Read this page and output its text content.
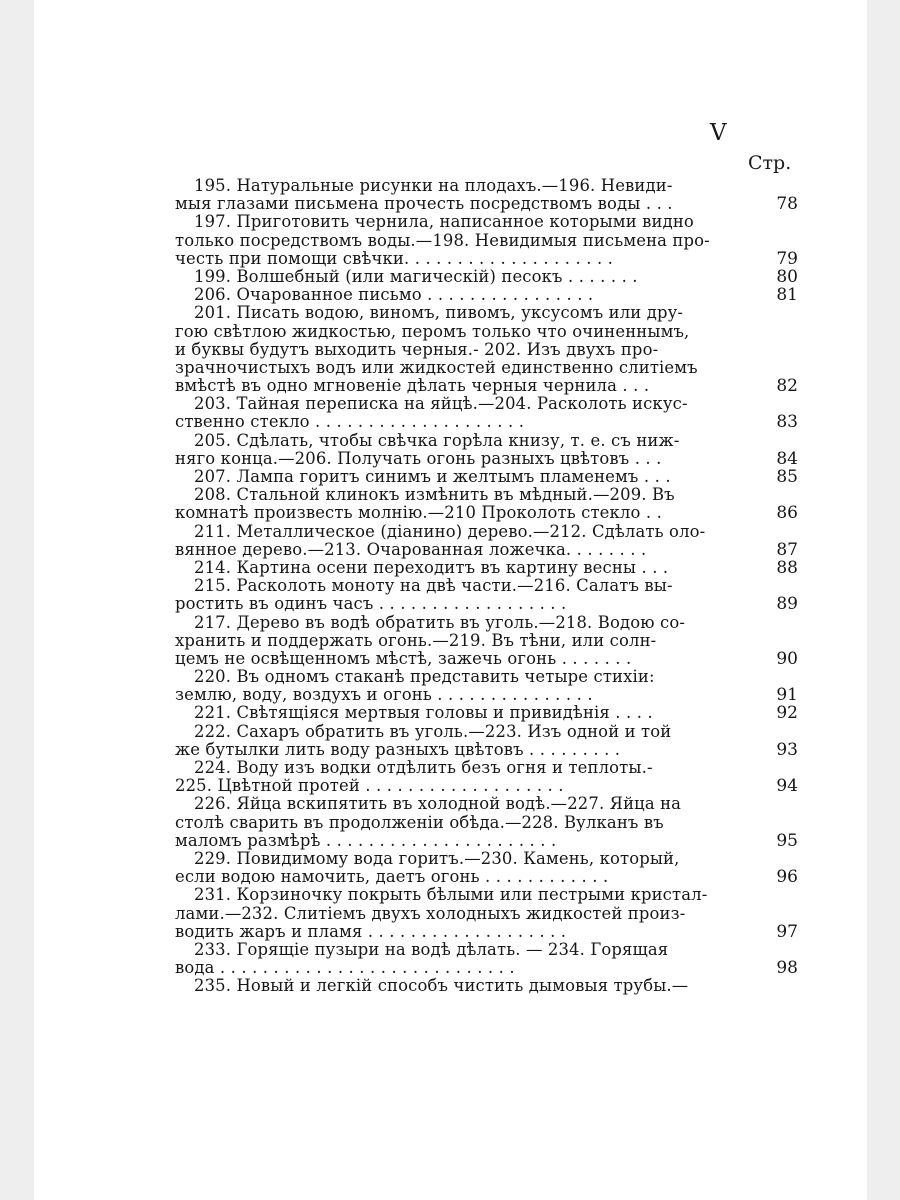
V
Стр.
195. Натуральные рисунки на плодахъ.—196. Невиди-
мыя глазами письмена прочесть посредствомъ воды . . .	78
197. Приготовить чернила, написанное которыми видно
только посредствомъ воды.—198. Невидимыя письмена про-
честь при помощи свѣчки. . . . . . . . . . . . . . . . . . . .	79
199. Волшебный (или магическій) песокъ . . . . . . .	80
206. Очарованное письмо . . . . . . . . . . . . . . . .	81
201. Писать водою, виномъ, пивомъ, уксусомъ или дру-
гою свѣтлою жидкостью, перомъ только что очиненнымъ,
и буквы будутъ выходить черныя.- 202. Изъ двухъ про-
зрачночистыхъ водъ или жидкостей единственно слитіемъ
вмѣстѣ въ одно мгновеніе дѣлать черныя чернила . . .	82
203. Тайная переписка на яйцѣ.—204. Расколоть искус-
ственно стекло . . . . . . . . . . . . . . . . . . . .	83
205. Сдѣлать, чтобы свѣчка горѣла книзу, т. е. съ ниж-
няго конца.—206. Получать огонь разныхъ цвѣтовъ . . .	84
207. Лампа горитъ синимъ и желтымъ пламенемъ . . .	85
208. Стальной клинокъ измѣнить въ мѣдный.—209. Въ
комнатѣ произвесть молнію.—210 Проколоть стекло . .	86
211. Металлическое (діанино) дерево.—212. Сдѣлать оло-
вянное дерево.—213. Очарованная ложечка. . . . . . . .	87
214. Картина осени переходитъ въ картину весны . . .	88
215. Расколоть моноту на двѣ части.—216. Салатъ вы-
ростить въ одинъ часъ . . . . . . . . . . . . . . . . . .	89
217. Дерево въ водѣ обратить въ уголь.—218. Водою со-
хранить и поддержать огонь.—219. Въ тѣни, или солн-
цемъ не освѣщенномъ мѣстѣ, зажечь огонь . . . . . . .	90
220. Въ одномъ стаканѣ представить четыре стихіи:
землю, воду, воздухъ и огонь . . . . . . . . . . . . . . .	91
221. Свѣтящіяся мертвыя головы и привидѣнія . . . .	92
222. Сахаръ обратить въ уголь.—223. Изъ одной и той
же бутылки лить воду разныхъ цвѣтовъ . . . . . . . . .	93
224. Воду изъ водки отдѣлить безъ огня и теплоты.-
225. Цвѣтной протей . . . . . . . . . . . . . . . . . . .	94
226. Яйца вскипятить въ холодной водѣ.—227. Яйца на
столѣ сварить въ продолженіи обѣда.—228. Вулканъ въ
маломъ размѣрѣ . . . . . . . . . . . . . . . . . . . . . .	95
229. Повидимому вода горитъ.—230. Камень, который,
если водою намочить, даетъ огонь . . . . . . . . . . . .	96
231. Корзиночку покрыть бѣлыми или пестрыми кристал-
лами.—232. Слитіемъ двухъ холодныхъ жидкостей произ-
водить жаръ и пламя . . . . . . . . . . . . . . . . . . .	97
233. Горящіе пузыри на водѣ дѣлать. — 234. Горящая
вода . . . . . . . . . . . . . . . . . . . . . . . . . . . .	98
235. Новый и легкій способъ чистить дымовыя трубы.—
